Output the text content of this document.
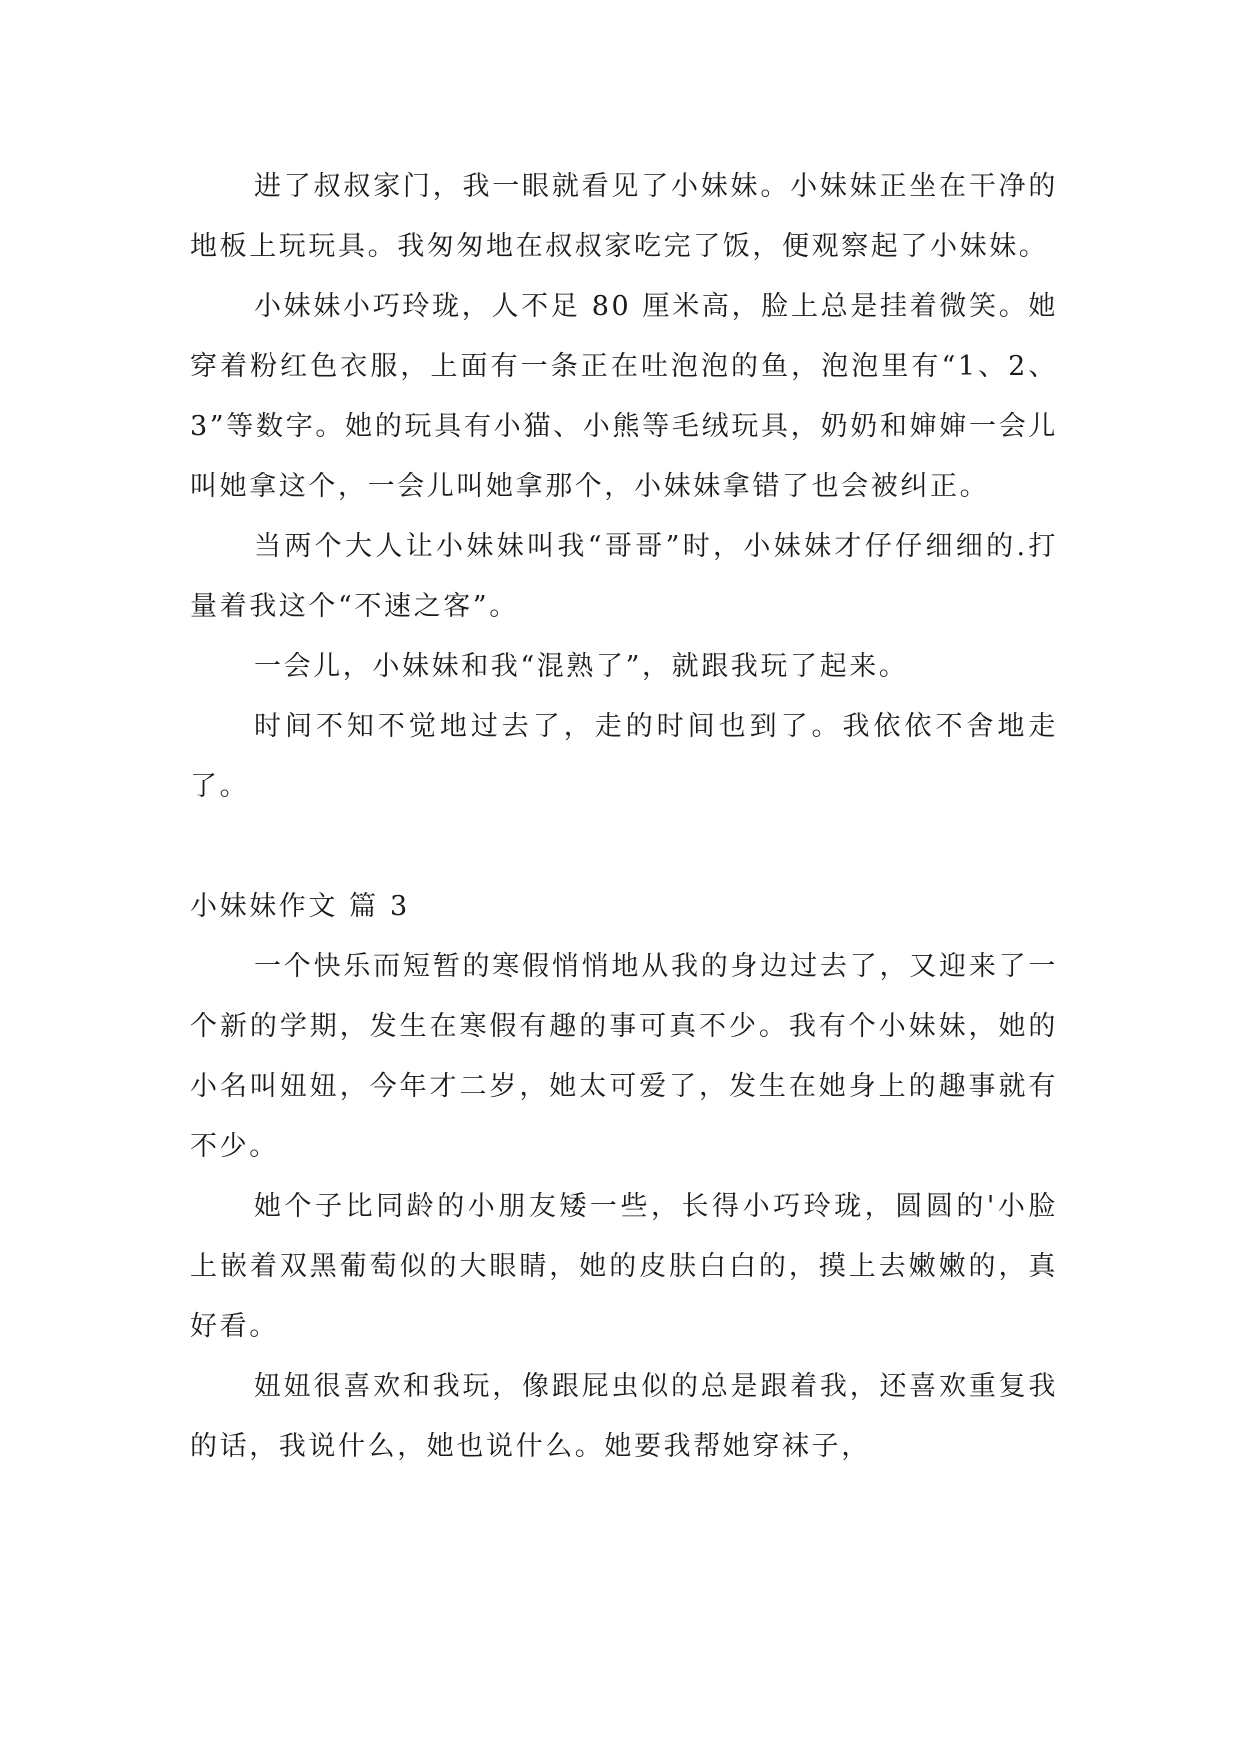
进了叔叔家门，我一眼就看见了小妹妹。小妹妹正坐在干净的地板上玩玩具。我匆匆地在叔叔家吃完了饭，便观察起了小妹妹。

小妹妹小巧玲珑，人不足 80 厘米高，脸上总是挂着微笑。她穿着粉红色衣服，上面有一条正在吐泡泡的鱼，泡泡里有“1、2、3”等数字。她的玩具有小猫、小熊等毛绒玩具，奶奶和婶婶一会儿叫她拿这个，一会儿叫她拿那个，小妹妹拿错了也会被纠正。

当两个大人让小妹妹叫我“哥哥”时，小妹妹才仔仔细细的.打量着我这个“不速之客”。

一会儿，小妹妹和我“混熟了”，就跟我玩了起来。

时间不知不觉地过去了，走的时间也到了。我依依不舍地走了。

小妹妹作文 篇 3

一个快乐而短暂的寒假悄悄地从我的身边过去了，又迎来了一个新的学期，发生在寒假有趣的事可真不少。我有个小妹妹，她的小名叫妞妞，今年才二岁，她太可爱了，发生在她身上的趣事就有不少。

她个子比同龄的小朋友矮一些，长得小巧玲珑，圆圆的'小脸上嵌着双黑葡萄似的大眼睛，她的皮肤白白的，摸上去嫩嫩的，真好看。

妞妞很喜欢和我玩，像跟屁虫似的总是跟着我，还喜欢重复我的话，我说什么，她也说什么。她要我帮她穿袜子，
